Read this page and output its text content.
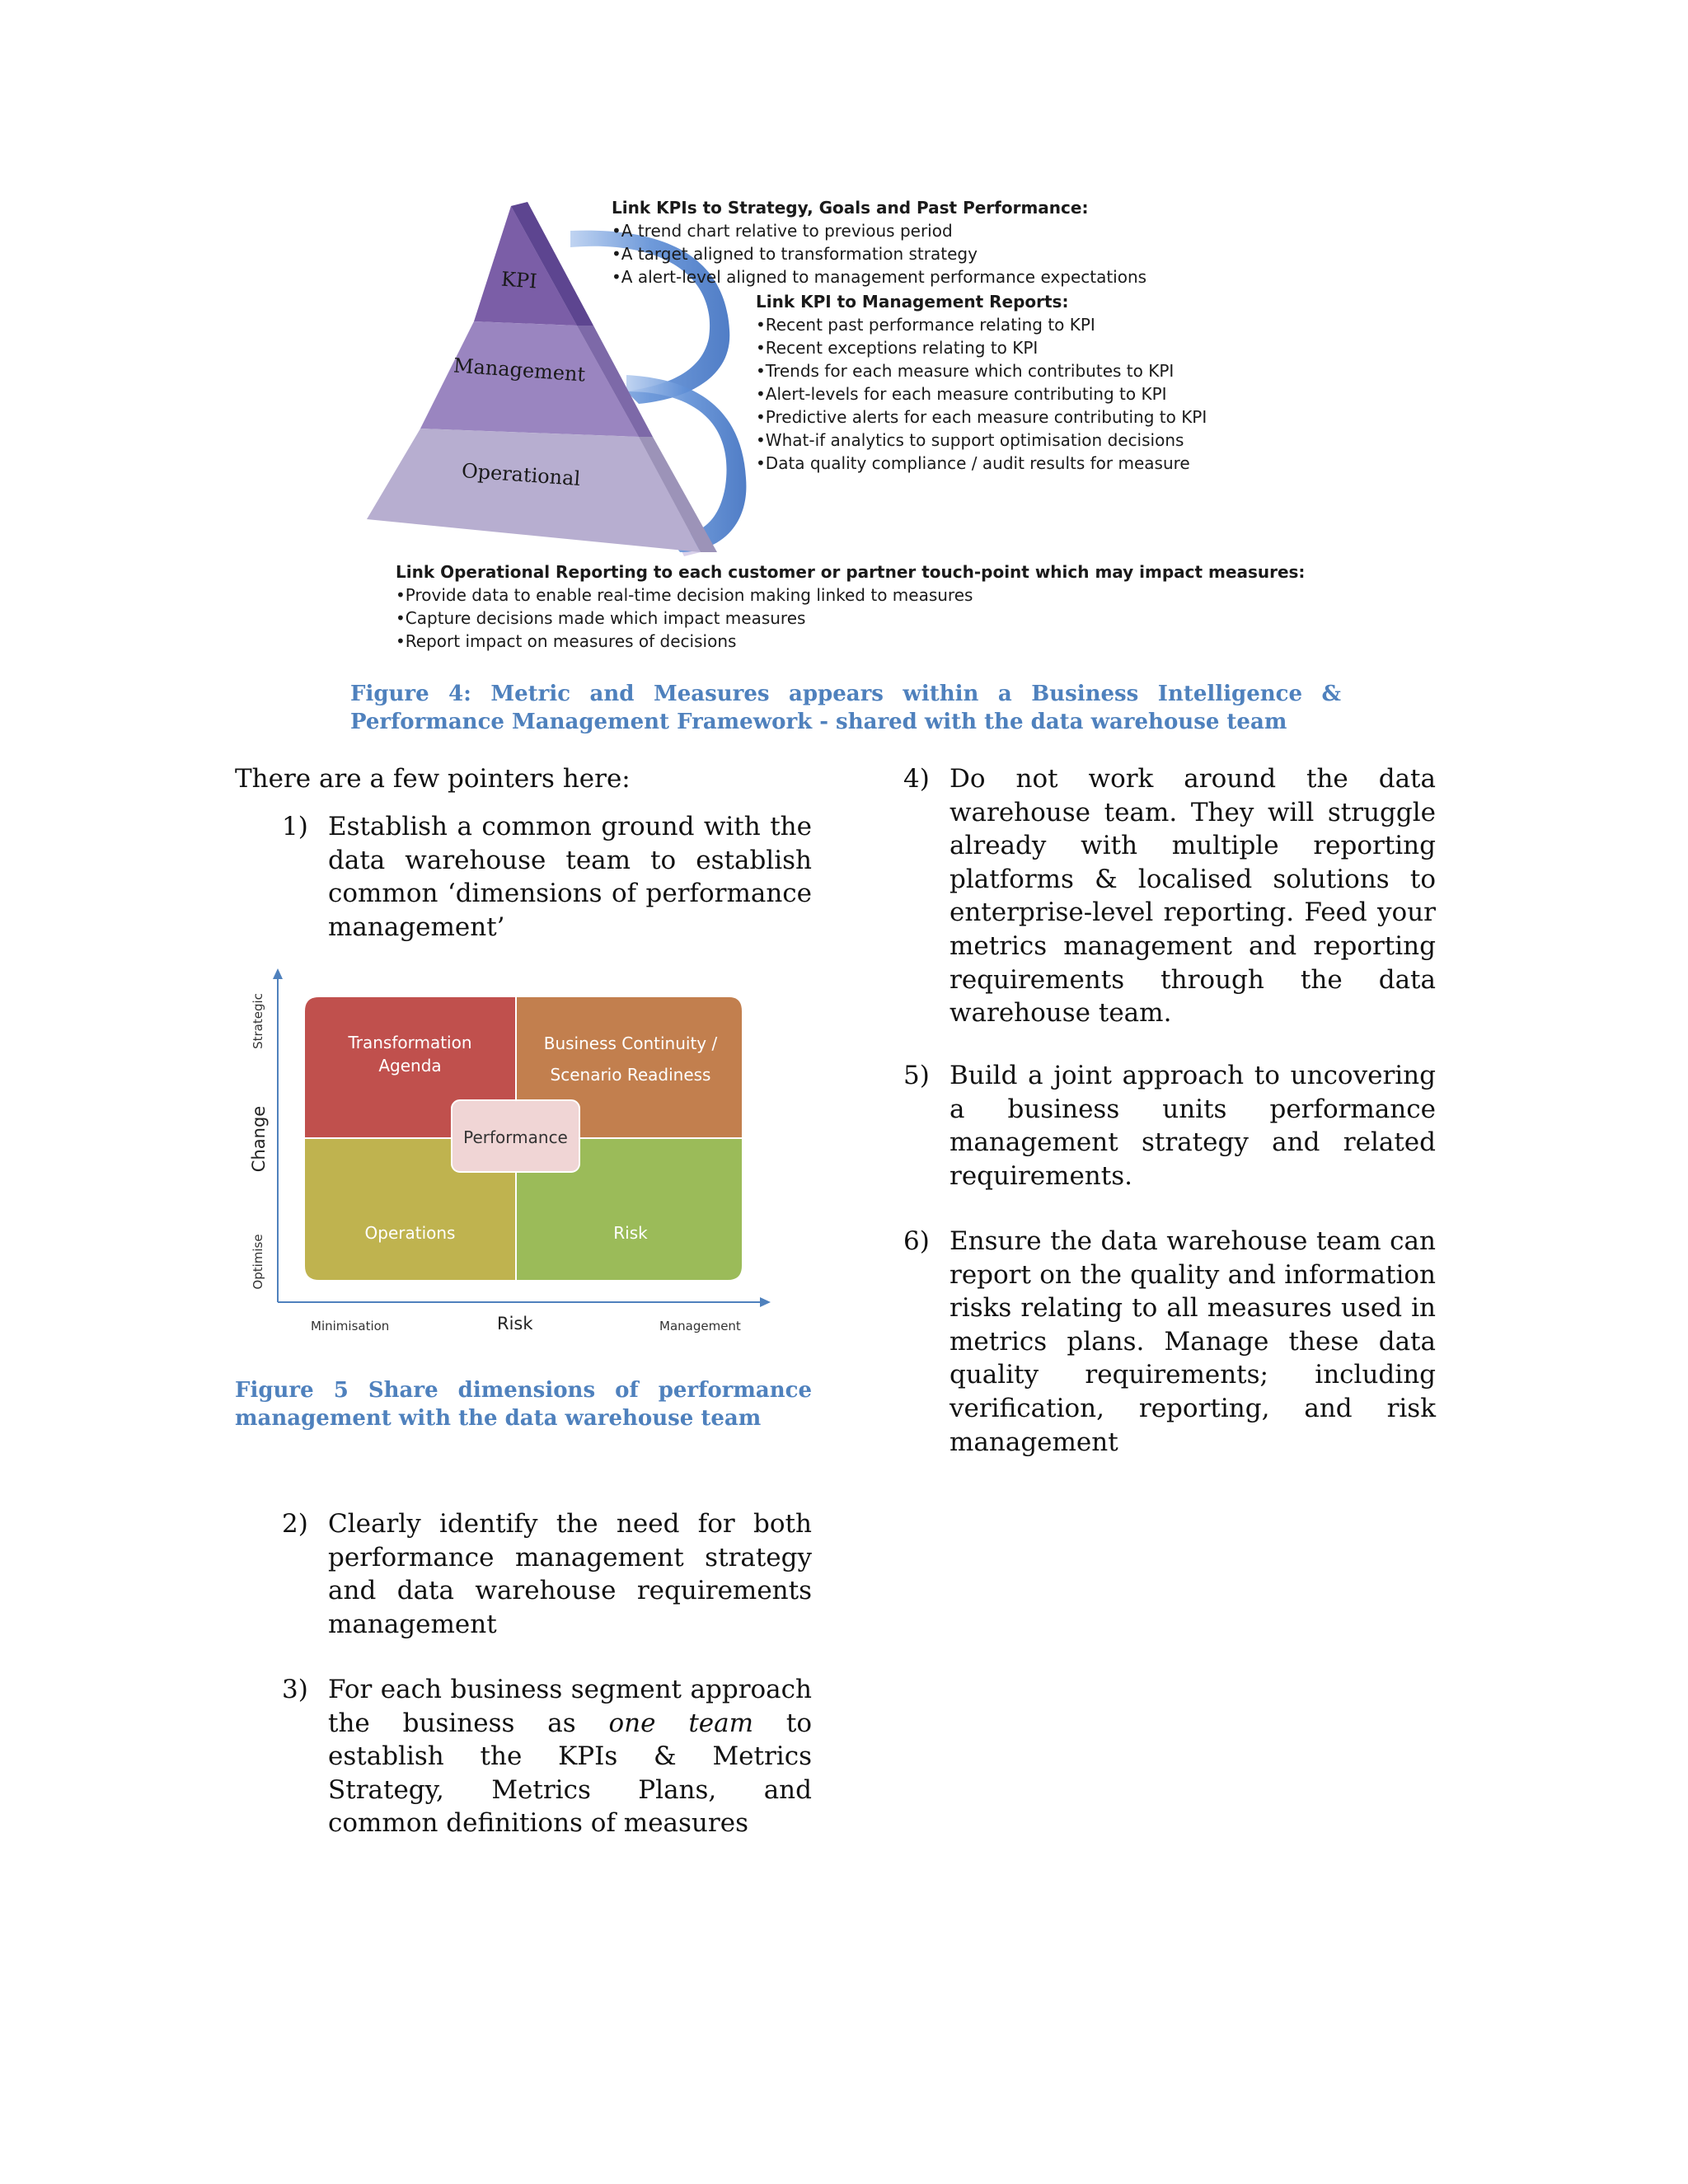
KPI
Management
Operational
Link KPIs to Strategy, Goals and Past Performance:
•A trend chart relative to previous period
•A target aligned to transformation strategy
•A alert-level aligned to management performance expectations
Link KPI to Management Reports:
•Recent past performance relating to KPI
•Recent exceptions relating to KPI
•Trends for each measure which contributes to KPI
•Alert-levels for each measure contributing to KPI
•Predictive alerts for each measure contributing to KPI
•What-if analytics to support optimisation decisions
•Data quality compliance / audit results for measure
Link Operational Reporting to each customer or partner touch-point which may impact measures:
•Provide data to enable real-time decision making linked to measures
•Capture decisions made which impact measures
•Report impact on measures of decisions
Figure 4: Metric and Measures appears within a Business Intelligence & Performance Management Framework - shared with the data warehouse team
There are a few pointers here:
1) Establish a common ground with the data warehouse team to establish common ‘dimensions of performance management’
Transformation Agenda
Business Continuity / Scenario Readiness
Operations	Risk
Performance
Strategic
Change
Optimise
Minimisation	Risk	Management
Figure 5 Share dimensions of performance management with the data warehouse team
2) Clearly identify the need for both performance management strategy and data warehouse requirements management
3) For each business segment approach the business as one team to establish the KPIs & Metrics Strategy, Metrics Plans, and common definitions of measures
4) Do not work around the data warehouse team. They will struggle already with multiple reporting platforms & localised solutions to enterprise-level reporting. Feed your metrics management and reporting requirements through the data warehouse team.
5) Build a joint approach to uncovering a business units performance management strategy and related requirements.
6) Ensure the data warehouse team can report on the quality and information risks relating to all measures used in metrics plans. Manage these data quality requirements; including verification, reporting, and risk management
